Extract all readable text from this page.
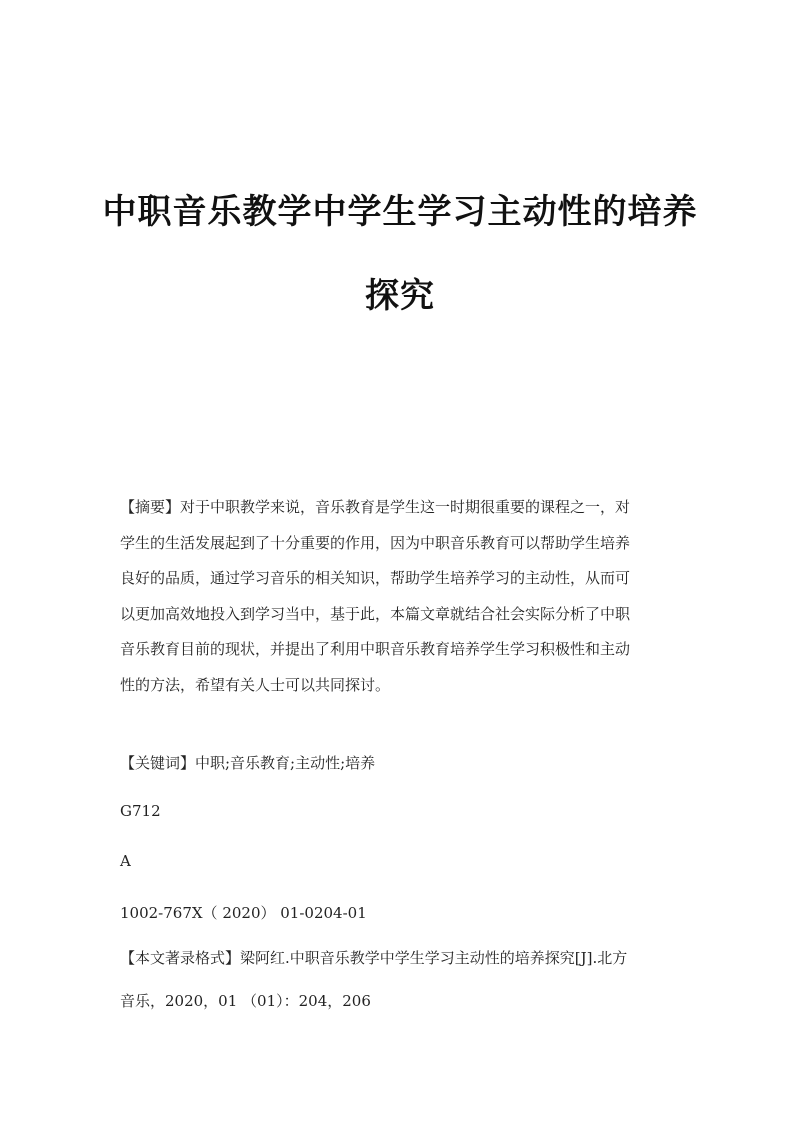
中职音乐教学中学生学习主动性的培养
探究
【摘要】对于中职教学来说，音乐教育是学生这一时期很重要的课程之一，对
学生的生活发展起到了十分重要的作用，因为中职音乐教育可以帮助学生培养
良好的品质，通过学习音乐的相关知识，帮助学生培养学习的主动性，从而可
以更加高效地投入到学习当中，基于此，本篇文章就结合社会实际分析了中职
音乐教育目前的现状，并提出了利用中职音乐教育培养学生学习积极性和主动
性的方法，希望有关人士可以共同探讨。

【关键词】中职;音乐教育;主动性;培养

G712

A

1002-767X（ 2020） 01-0204-01

【本文著录格式】梁阿红.中职音乐教学中学生学习主动性的培养探究[J].北方

音乐，2020，01 （01）：204，206
